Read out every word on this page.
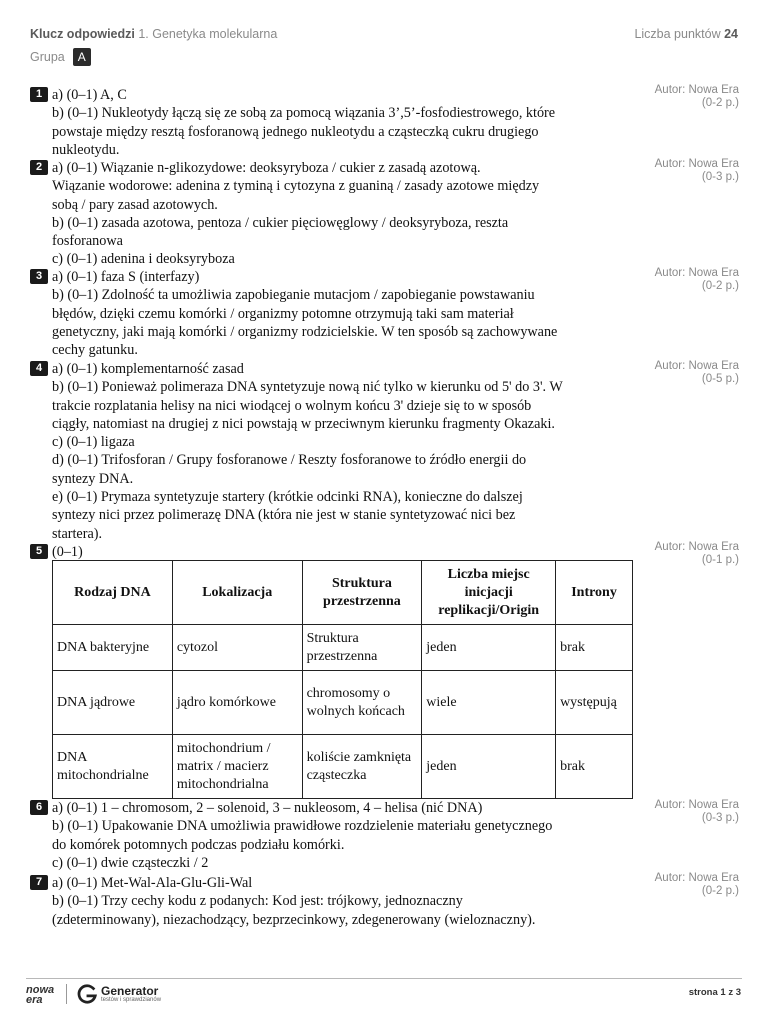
Klucz odpowiedzi 1. Genetyka molekularna	Liczba punktów 24
Grupa	A
1 a) (0–1) A, C
b) (0–1) Nukleotydy łączą się ze sobą za pomocą wiązania 3’,5’-fosfodiestrowego, które
powstaje między resztą fosforanową jednego nukleotydu a cząsteczką cukru drugiego
nukleotydu.
Autor: Nowa Era
(0-2 p.)
2 a) (0–1) Wiązanie n-glikozydowe: deoksyryboza / cukier z zasadą azotową.
Wiązanie wodorowe: adenina z tyminą i cytozyna z guaniną / zasady azotowe między
sobą / pary zasad azotowych.
b) (0–1) zasada azotowa, pentoza / cukier pięciowęglowy / deoksyryboza, reszta
fosforanowa
c) (0–1) adenina i deoksyryboza
Autor: Nowa Era
(0-3 p.)
3 a) (0–1) faza S (interfazy)
b) (0–1) Zdolność ta umożliwia zapobieganie mutacjom / zapobieganie powstawaniu
błędów, dzięki czemu komórki / organizmy potomne otrzymują taki sam materiał
genetyczny, jaki mają komórki / organizmy rodzicielskie. W ten sposób są zachowywane
cechy gatunku.
Autor: Nowa Era
(0-2 p.)
4 a) (0–1) komplementarność zasad
b) (0–1) Ponieważ polimeraza DNA syntetyzuje nową nić tylko w kierunku od 5' do 3'. W
trakcie rozplatania helisy na nici wiodącej o wolnym końcu 3' dzieje się to w sposób
ciągły, natomiast na drugiej z nici powstają w przeciwnym kierunku fragmenty Okazaki.
c) (0–1) ligaza
d) (0–1) Trifosforan / Grupy fosforanowe / Reszty fosforanowe to źródło energii do
syntezy DNA.
e) (0–1) Prymaza syntetyzuje startery (krótkie odcinki RNA), konieczne do dalszej
syntezy nici przez polimerazę DNA (która nie jest w stanie syntetyzować nici bez
startera).
Autor: Nowa Era
(0-5 p.)
5 (0–1)	Autor: Nowa Era
(0-1 p.)
Rodzaj DNA	Lokalizacja	Struktura przestrzenna	Liczba miejsc inicjacji replikacji/Origin	Introny
DNA bakteryjne	cytozol	Struktura przestrzenna	jeden	brak
DNA jądrowe	jądro komórkowe	chromosomy o wolnych końcach	wiele	występują
DNA mitochondrialne	mitochondrium / matrix / macierz mitochondrialna	koliście zamknięta cząsteczka	jeden	brak
6 a) (0–1) 1 – chromosom, 2 – solenoid, 3 – nukleosom, 4 – helisa (nić DNA)
b) (0–1) Upakowanie DNA umożliwia prawidłowe rozdzielenie materiału genetycznego
do komórek potomnych podczas podziału komórki.
c) (0–1) dwie cząsteczki / 2
Autor: Nowa Era
(0-3 p.)
7 a) (0–1) Met-Wal-Ala-Glu-Gli-Wal
b) (0–1) Trzy cechy kodu z podanych: Kod jest: trójkowy, jednoznaczny
(zdeterminowany), niezachodzący, bezprzecinkowy, zdegenerowany (wieloznaczny).
Autor: Nowa Era
(0-2 p.)
nowa
era
Generator
testów i sprawdzianów
strona 1 z 3
